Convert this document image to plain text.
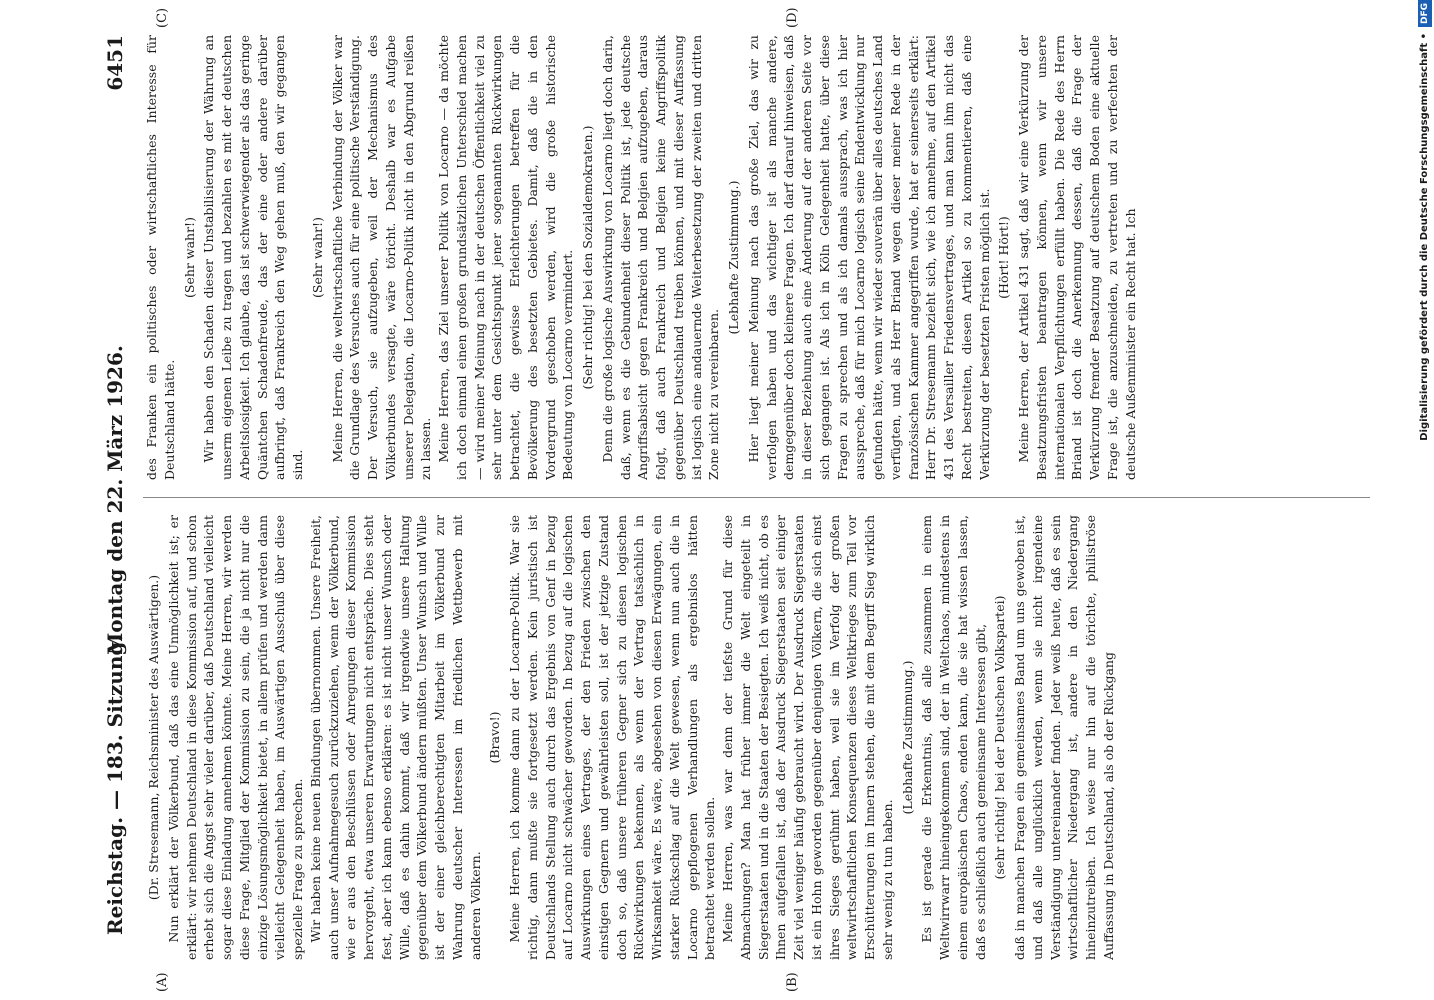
Reichstag. — 183. Sitzung.
Montag den 22. März 1926.
6451
(A)	(B)
(C)	(D)

(Dr. Stresemann, Reichsminister des Auswärtigen.) Nun erklärt der Völkerbund, daß das eine Unmöglichkeit ist; er erklärt: wir nehmen Deutschland in diese Kommission auf, und schon erhebt sich die Angst sehr vieler darüber, daß Deutschland vielleicht sogar diese Einladung annehmen könnte. Meine Herren, wir werden diese Frage, Mitglied der Kommission zu sein, die ja nicht nur die einzige Lösungsmöglichkeit bietet, in allem prüfen und werden dann vielleicht Gelegenheit haben, im Auswärtigen Ausschuß über diese spezielle Frage zu sprechen. Wir haben keine neuen Bindungen übernommen. Unsere Freiheit, auch unser Aufnahmegesuch zurückzuziehen, wenn der Völkerbund, wie er aus den Beschlüssen oder Anregungen dieser Kommission hervorgeht, etwa unseren Erwartungen nicht entspräche. Dies steht fest, aber ich kann ebenso erklären: es ist nicht unser Wunsch oder Wille, daß es dahin kommt, daß wir irgendwie unsere Haltung gegenüber dem Völkerbund ändern müßten. Unser Wunsch und Wille ist der einer gleichberechtigten Mitarbeit im Völkerbund zur Wahrung deutscher Interessen im friedlichen Wettbewerb mit anderen Völkern.

(Bravo!) Meine Herren, ich komme dann zu der Locarno-Politik. War sie richtig, dann mußte sie fortgesetzt werden. Kein juristisch ist Deutschlands Stellung auch durch das Ergebnis von Genf in bezug auf Locarno nicht schwächer geworden. In bezug auf die logischen Auswirkungen eines Vertrages, der den Frieden zwischen den einstigen Gegnern und gewährleisten soll, ist der jetzige Zustand doch so, daß unsere früheren Gegner sich zu diesen logischen Rückwirkungen bekennen, als wenn der Vertrag tatsächlich in Wirksamkeit wäre. Es wäre, abgesehen von diesen Erwägungen, ein starker Rückschlag auf die Welt gewesen, wenn nun auch die in Locarno gepflogenen Verhandlungen als ergebnislos hätten betrachtet werden sollen. Meine Herren, was war denn der tiefste Grund für diese Abmachungen? Man hat früher immer die Welt eingeteilt in Siegerstaaten und in die Staaten der Besiegten. Ich weiß nicht, ob es Ihnen aufgefallen ist, daß der Ausdruck Siegerstaaten seit einiger Zeit viel weniger häufig gebraucht wird. Der Ausdruck Siegerstaaten ist ein Hohn geworden gegenüber denjenigen Völkern, die sich einst ihres Sieges gerühmt haben, weil sie im Verfolg der großen weltwirtschaftlichen Konsequenzen dieses Weltkrieges zum Teil vor Erschütterungen im Innern stehen, die mit dem Begriff Sieg wirklich sehr wenig zu tun haben.

(Lebhafte Zustimmung.) Es ist gerade die Erkenntnis, daß alle zusammen in einem Weltwirrwarr hineingekommen sind, der in Weltchaos, mindestens in einem europäischen Chaos, enden kann, die sie hat wissen lassen, daß es schließlich auch gemeinsame Interessen gibt, (sehr richtig! bei der Deutschen Volkspartei) daß in manchen Fragen ein gemeinsames Band um uns gewoben ist, und daß alle unglücklich werden, wenn sie nicht irgendeine Verständigung untereinander finden. Jeder weiß heute, daß es sein wirtschaftlicher Niedergang ist, andere in den Niedergang hineinzutreiben. Ich weise nur hin auf die törichte, philiströse Auffassung in Deutschland, als ob der Rückgang

des Franken ein politisches oder wirtschaftliches Interesse für Deutschland hätte.

(Sehr wahr!) Wir haben den Schaden dieser Unstabilisierung der Währung an unserm eigenen Leibe zu tragen und bezahlen es mit der deutschen Arbeitslosigkeit. Ich glaube, das ist schwerwiegender als das geringe Quäntchen Schadenfreude, das der eine oder andere darüber aufbringt, daß Frankreich den Weg gehen muß, den wir gegangen sind.

(Sehr wahr!) Meine Herren, die weltwirtschaftliche Verbindung der Völker war die Grundlage des Versuches auch für eine politische Verständigung. Der Versuch, sie aufzugeben, weil der Mechanismus des Völkerbundes versagte, wäre töricht. Deshalb war es Aufgabe unserer Delegation, die Locarno-Politik nicht in den Abgrund reißen zu lassen. Meine Herren, das Ziel unserer Politik von Locarno — da möchte ich doch einmal einen großen grundsätzlichen Unterschied machen — wird meiner Meinung nach in der deutschen Öffentlichkeit viel zu sehr unter dem Gesichtspunkt jener sogenannten Rückwirkungen betrachtet, die gewisse Erleichterungen betreffen für die Bevölkerung des besetzten Gebietes. Damit, daß die in den Vordergrund geschoben werden, wird die große historische Bedeutung von Locarno vermindert. (Sehr richtig! bei den Sozialdemokraten.) Denn die große logische Auswirkung von Locarno liegt doch darin, daß, wenn es die Gebundenheit dieser Politik ist, jede deutsche Angriffsabsicht gegen Frankreich und Belgien aufzugeben, daraus folgt, daß auch Frankreich und Belgien keine Angriffspolitik gegenüber Deutschland treiben können, und mit dieser Auffassung ist logisch eine andauernde Weiterbesetzung der zweiten und dritten Zone nicht zu vereinbaren.

(Lebhafte Zustimmung.) Hier liegt meiner Meinung nach das große Ziel, das wir zu verfolgen haben und das wichtiger ist als manche andere, demgegenüber doch kleinere Fragen. Ich darf darauf hinweisen, daß in dieser Beziehung auch eine Änderung auf der anderen Seite vor sich gegangen ist. Als ich in Köln Gelegenheit hatte, über diese Fragen zu sprechen und als ich damals aussprach, was ich hier ausspreche, daß für mich Locarno logisch seine Endentwicklung nur gefunden hätte, wenn wir wieder souverän über alles deutsches Land verfügten, und als Herr Briand wegen dieser meiner Rede in der französischen Kammer angegriffen wurde, hat er seinerseits erklärt: Herr Dr. Stresemann bezieht sich, wie ich annehme, auf den Artikel 431 des Versailler Friedensvertrages, und man kann ihm nicht das Recht bestreiten, diesen Artikel so zu kommentieren, daß eine Verkürzung der besetzten Fristen möglich ist. (Hört! Hört!) Meine Herren, der Artikel 431 sagt, daß wir eine Verkürzung der Besatzungsfristen beantragen können, wenn wir unsere internationalen Verpflichtungen erfüllt haben. Die Rede des Herrn Briand ist doch die Anerkennung dessen, daß die Frage der Verkürzung fremder Besatzung auf deutschem Boden eine aktuelle Frage ist, die anzuschneiden, zu vertreten und zu verfechten der deutsche Außenminister ein Recht hat. Ich	Digitalisierung gefördert durch die Deutsche Forschungsgemeinschaft •DFG
